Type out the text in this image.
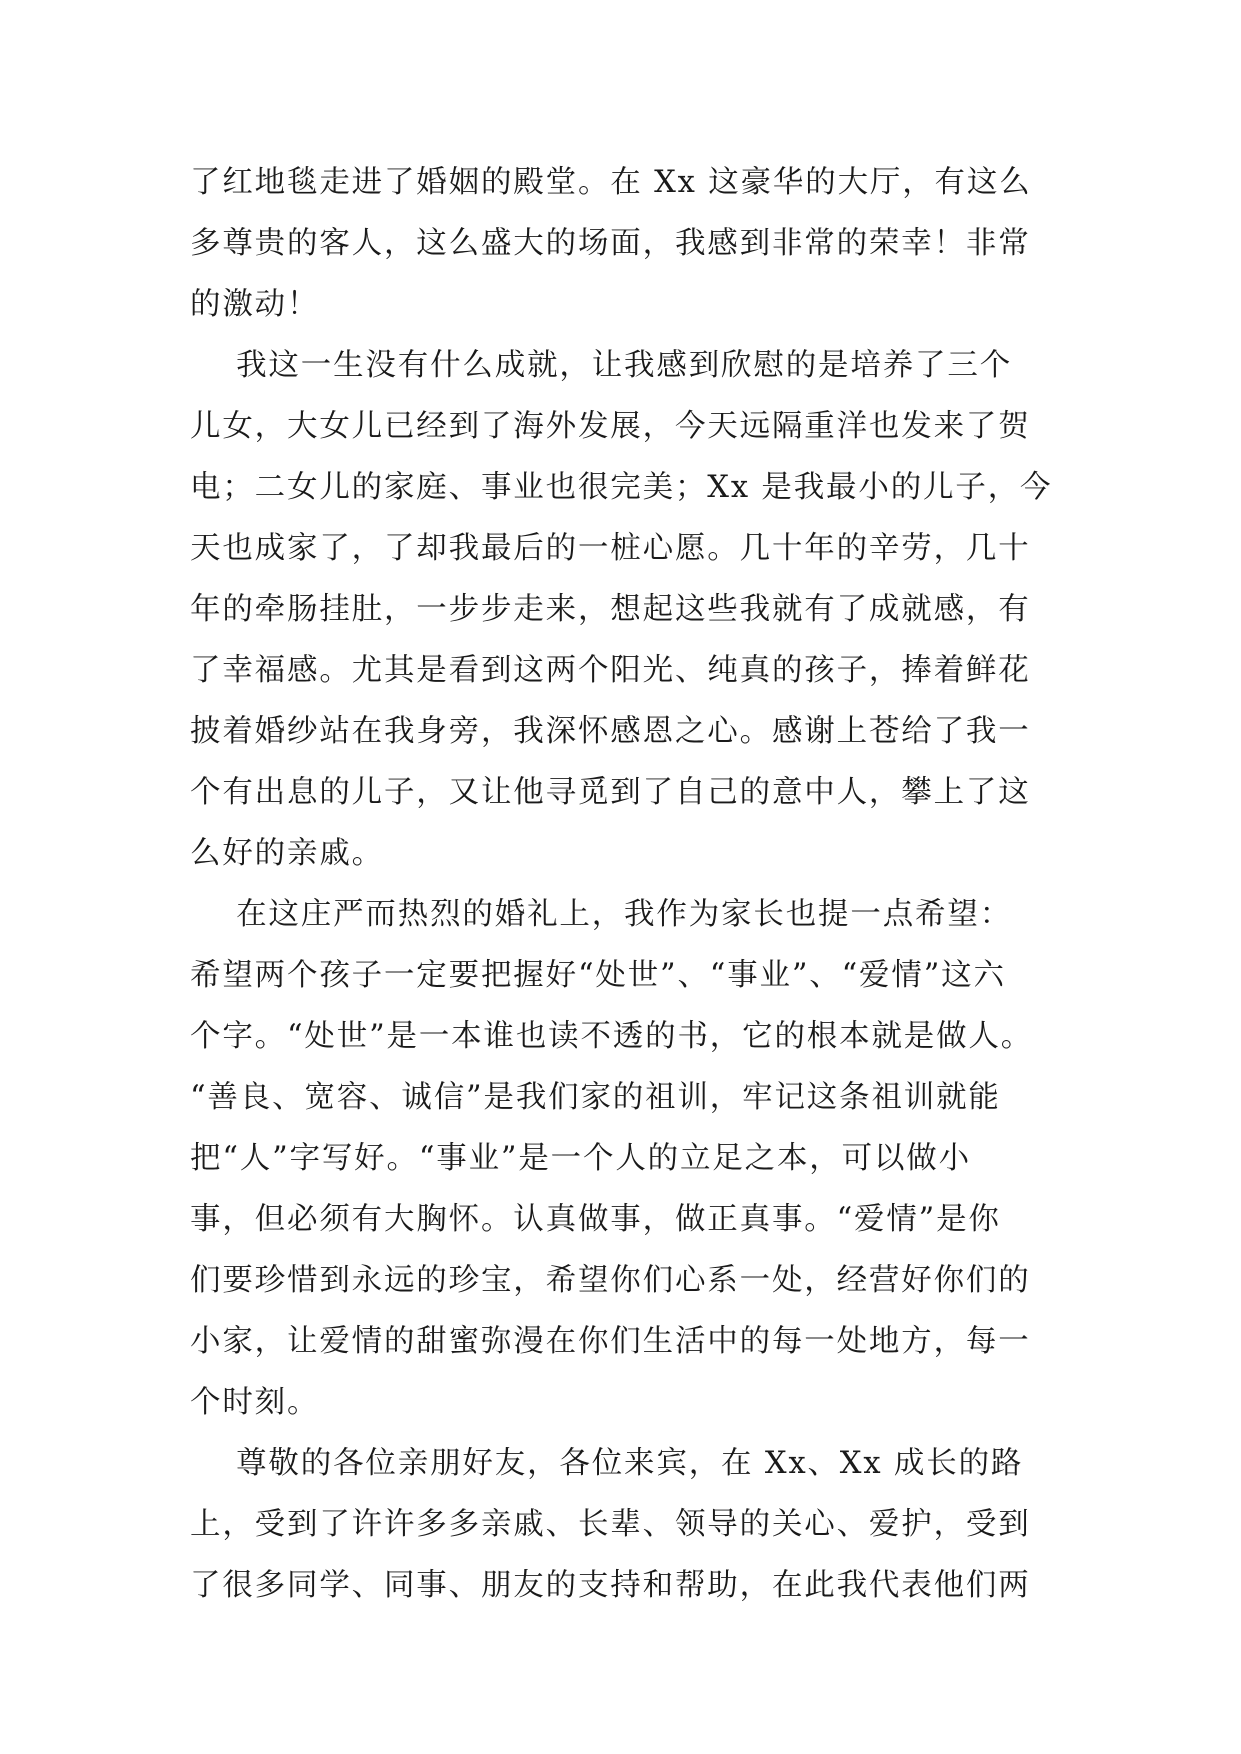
了红地毯走进了婚姻的殿堂。在 Xx 这豪华的大厅，有这么
多尊贵的客人，这么盛大的场面，我感到非常的荣幸！非常
的激动！
我这一生没有什么成就，让我感到欣慰的是培养了三个
儿女，大女儿已经到了海外发展，今天远隔重洋也发来了贺
电；二女儿的家庭、事业也很完美；Xx 是我最小的儿子，今
天也成家了，了却我最后的一桩心愿。几十年的辛劳，几十
年的牵肠挂肚，一步步走来，想起这些我就有了成就感，有
了幸福感。尤其是看到这两个阳光、纯真的孩子，捧着鲜花
披着婚纱站在我身旁，我深怀感恩之心。感谢上苍给了我一
个有出息的儿子，又让他寻觅到了自己的意中人，攀上了这
么好的亲戚。
在这庄严而热烈的婚礼上，我作为家长也提一点希望：
希望两个孩子一定要把握好“处世”、“事业”、“爱情”这六
个字。“处世”是一本谁也读不透的书，它的根本就是做人。
“善良、宽容、诚信”是我们家的祖训，牢记这条祖训就能
把“人”字写好。“事业”是一个人的立足之本，可以做小
事，但必须有大胸怀。认真做事，做正真事。“爱情”是你
们要珍惜到永远的珍宝，希望你们心系一处，经营好你们的
小家，让爱情的甜蜜弥漫在你们生活中的每一处地方，每一
个时刻。
尊敬的各位亲朋好友，各位来宾，在 Xx、Xx 成长的路
上，受到了许许多多亲戚、长辈、领导的关心、爱护，受到
了很多同学、同事、朋友的支持和帮助，在此我代表他们两
